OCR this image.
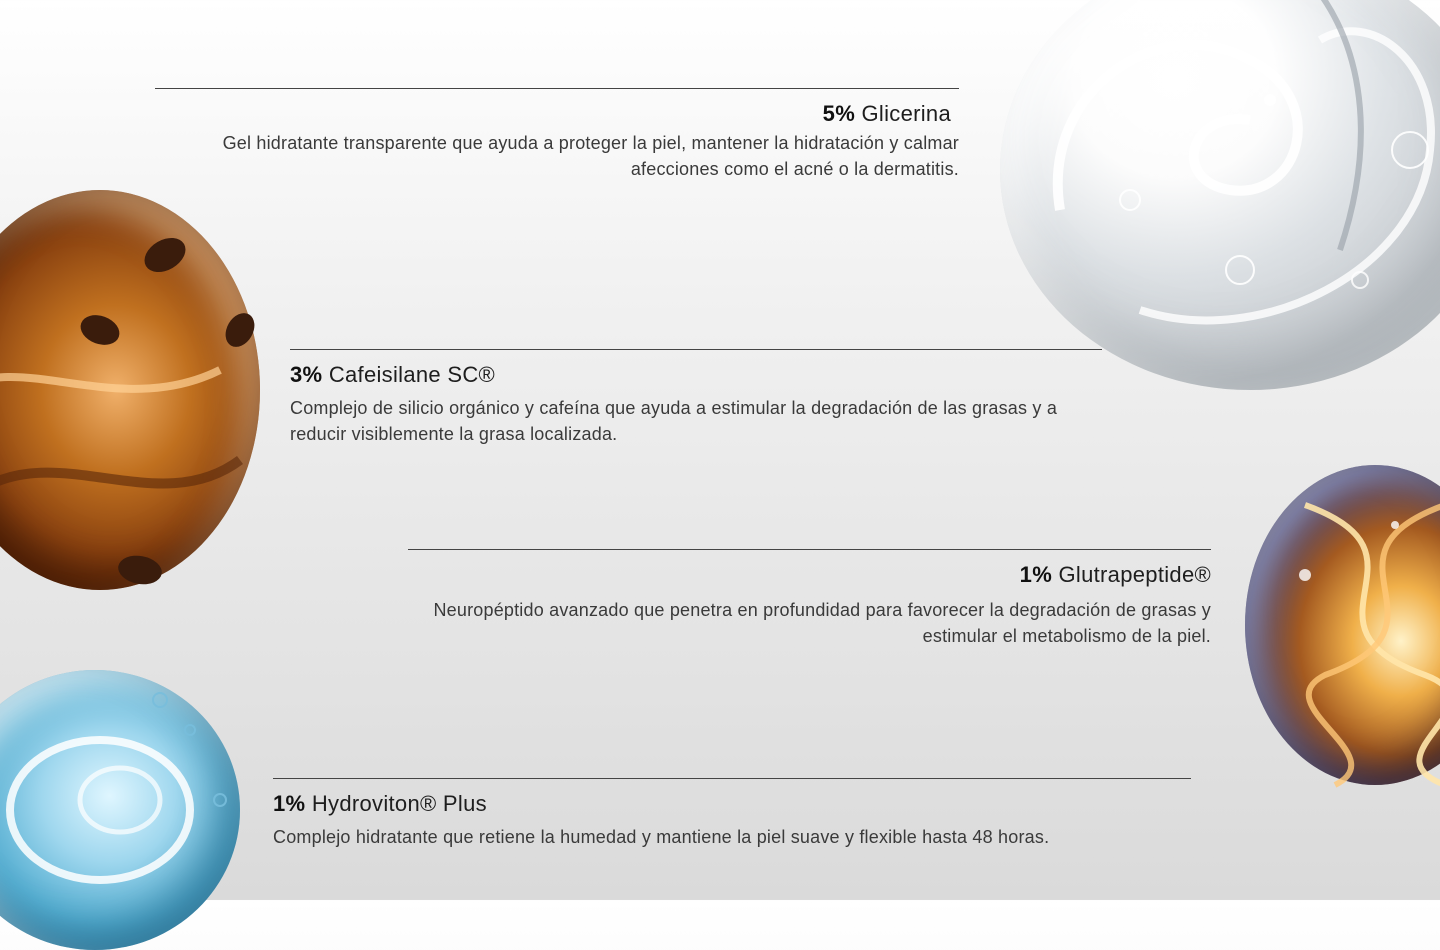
5% Glicerina

Gel hidratante transparente que ayuda a proteger la piel, mantener la hidratación y calmar afecciones como el acné o la dermatitis.

3% Cafeisilane SC®

Complejo de silicio orgánico y cafeína que ayuda a estimular la degradación de las grasas y a reducir visiblemente la grasa localizada.

1% Glutrapeptide®

Neuropéptido avanzado que penetra en profundidad para favorecer la degradación de grasas y estimular el metabolismo de la piel.

1% Hydroviton® Plus

Complejo hidratante que retiene la humedad y mantiene la piel suave y flexible hasta 48 horas.
